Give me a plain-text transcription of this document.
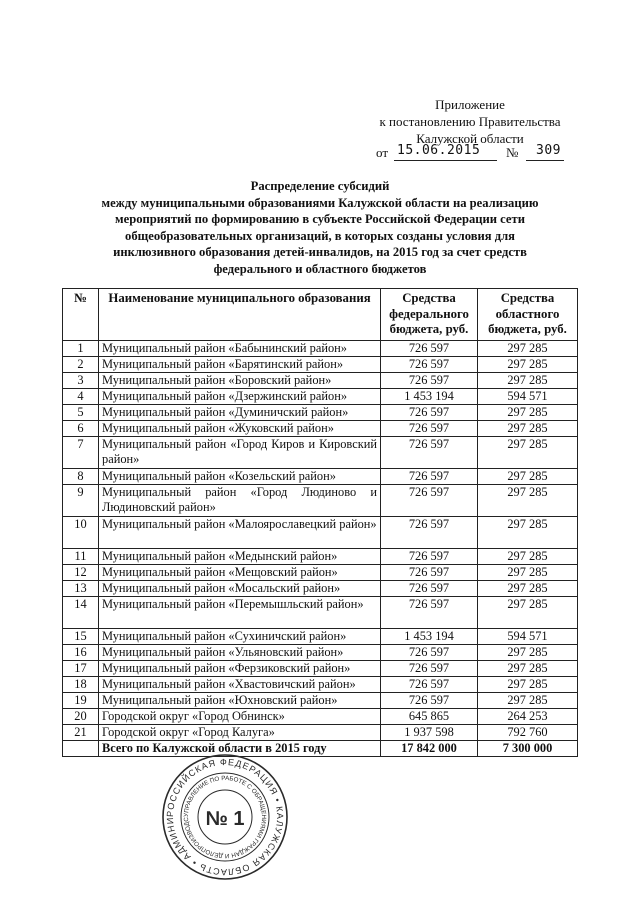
Приложение
к постановлению Правительства
Калужской области
от 15.06.2015 № 309
Распределение субсидий
между муниципальными образованиями Калужской области на реализацию
мероприятий по формированию в субъекте Российской Федерации сети
общеобразовательных организаций, в которых созданы условия для
инклюзивного образования детей-инвалидов, на 2015 год за счет средств
федерального и областного бюджетов
№	Наименование муниципального образования	Средства федерального бюджета, руб.	Средства областного бюджета, руб.
1	Муниципальный район «Бабынинский район»	726 597	297 285
2	Муниципальный район «Барятинский район»	726 597	297 285
3	Муниципальный район «Боровский район»	726 597	297 285
4	Муниципальный район «Дзержинский район»	1 453 194	594 571
5	Муниципальный район «Думиничский район»	726 597	297 285
6	Муниципальный район «Жуковский район»	726 597	297 285
7	Муниципальный район «Город Киров и Кировский район»	726 597	297 285
8	Муниципальный район «Козельский район»	726 597	297 285
9	Муниципальный район «Город Людиново и Людиновский район»	726 597	297 285
10	Муниципальный район «Малоярославецкий район»	726 597	297 285
11	Муниципальный район «Медынский район»	726 597	297 285
12	Муниципальный район «Мещовский район»	726 597	297 285
13	Муниципальный район «Мосальский район»	726 597	297 285
14	Муниципальный район «Перемышльский район»	726 597	297 285
15	Муниципальный район «Сухиничский район»	1 453 194	594 571
16	Муниципальный район «Ульяновский район»	726 597	297 285
17	Муниципальный район «Ферзиковский район»	726 597	297 285
18	Муниципальный район «Хвастовичский район»	726 597	297 285
19	Муниципальный район «Юхновский район»	726 597	297 285
20	Городской округ «Город Обнинск»	645 865	264 253
21	Городской округ «Город Калуга»	1 937 598	792 760
	Всего по Калужской области в 2015 году	17 842 000	7 300 000
РОССИЙСКАЯ ФЕДЕРАЦИЯ • КАЛУЖСКАЯ ОБЛАСТЬ • АДМИНИ
УПРАВЛЕНИЕ ПО РАБОТЕ С ОБРАЩЕНИЯМИ ГРАЖДАН И ДЕЛОПРОИЗВОДС № 1
